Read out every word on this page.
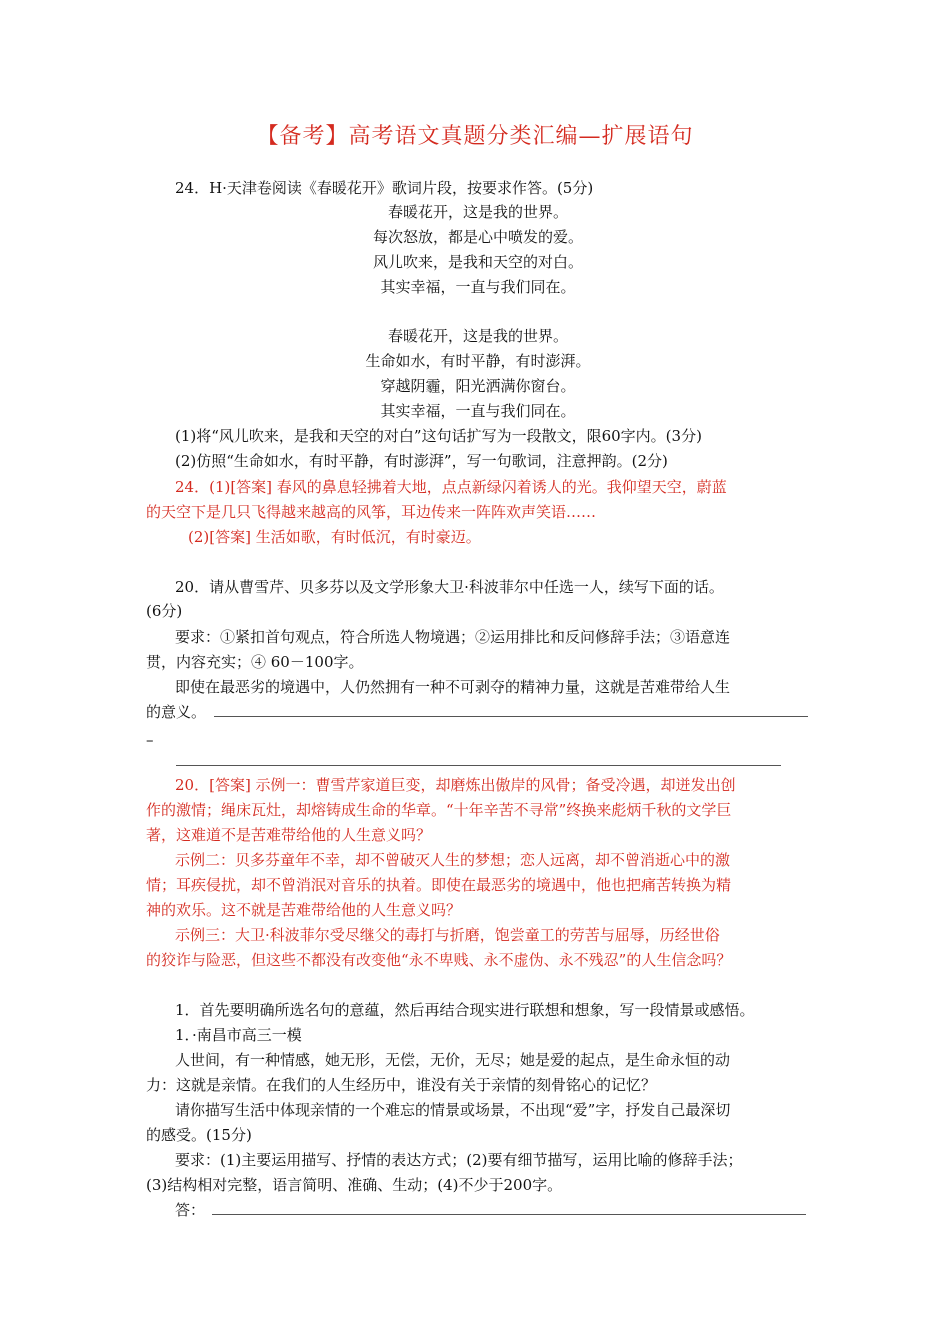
【备考】高考语文真题分类汇编—扩展语句
24．H·天津卷阅读《春暖花开》歌词片段，按要求作答。(5分)
春暖花开，这是我的世界。
每次怒放，都是心中喷发的爱。
风儿吹来，是我和天空的对白。
其实幸福，一直与我们同在。
春暖花开，这是我的世界。
生命如水，有时平静，有时澎湃。
穿越阴霾，阳光洒满你窗台。
其实幸福，一直与我们同在。
(1)将“风儿吹来，是我和天空的对白”这句话扩写为一段散文，限60字内。(3分)
(2)仿照“生命如水，有时平静，有时澎湃”，写一句歌词，注意押韵。(2分)
24．(1)[答案] 春风的鼻息轻拂着大地，点点新绿闪着诱人的光。我仰望天空，蔚蓝
的天空下是几只飞得越来越高的风筝，耳边传来一阵阵欢声笑语……
(2)[答案] 生活如歌，有时低沉，有时豪迈。
20．请从曹雪芹、贝多芬以及文学形象大卫·科波菲尔中任选一人，续写下面的话。
(6分)
要求：①紧扣首句观点，符合所选人物境遇；②运用排比和反问修辞手法；③语意连
贯，内容充实；④ 60－100字。
即使在最恶劣的境遇中，人仍然拥有一种不可剥夺的精神力量，这就是苦难带给人生
的意义。
–
20．[答案] 示例一：曹雪芹家道巨变，却磨炼出傲岸的风骨；备受冷遇，却迸发出创
作的激情；绳床瓦灶，却熔铸成生命的华章。“十年辛苦不寻常”终换来彪炳千秋的文学巨
著，这难道不是苦难带给他的人生意义吗？
示例二：贝多芬童年不幸，却不曾破灭人生的梦想；恋人远离，却不曾消逝心中的激
情；耳疾侵扰，却不曾消泯对音乐的执着。即使在最恶劣的境遇中，他也把痛苦转换为精
神的欢乐。这不就是苦难带给他的人生意义吗？
示例三：大卫·科波菲尔受尽继父的毒打与折磨，饱尝童工的劳苦与屈辱，历经世俗
的狡诈与险恶，但这些不都没有改变他“永不卑贱、永不虚伪、永不残忍”的人生信念吗？
1．首先要明确所选名句的意蕴，然后再结合现实进行联想和想象，写一段情景或感悟。
1．·南昌市高三一模
人世间，有一种情感，她无形，无偿，无价，无尽；她是爱的起点，是生命永恒的动
力：这就是亲情。在我们的人生经历中，谁没有关于亲情的刻骨铭心的记忆？
请你描写生活中体现亲情的一个难忘的情景或场景，不出现“爱”字，抒发自己最深切
的感受。(15分)
要求：(1)主要运用描写、抒情的表达方式；(2)要有细节描写，运用比喻的修辞手法；
(3)结构相对完整，语言简明、准确、生动；(4)不少于200字。
答：
